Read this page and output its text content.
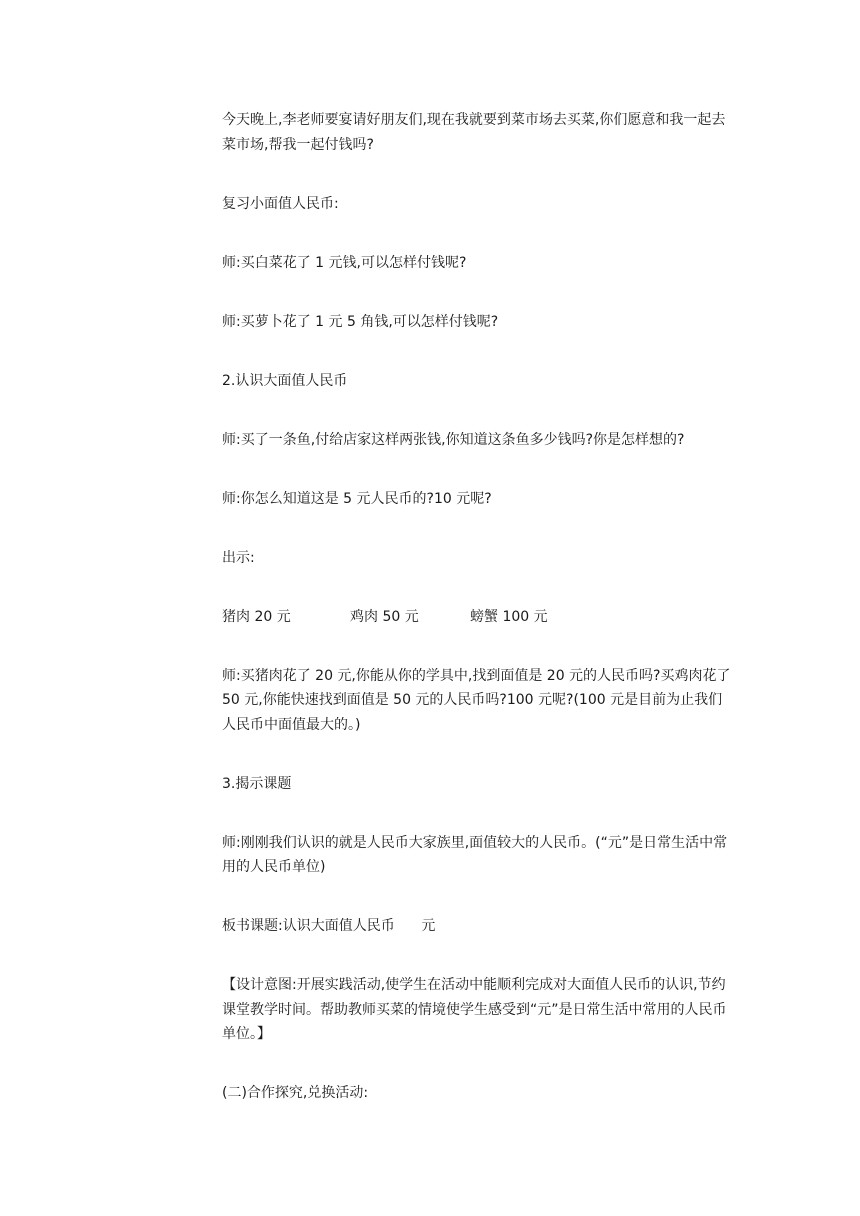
今天晚上,李老师要宴请好朋友们,现在我就要到菜市场去买菜,你们愿意和我一起去菜市场,帮我一起付钱吗?

复习小面值人民币:

师:买白菜花了 1 元钱,可以怎样付钱呢?

师:买萝卜花了 1 元 5 角钱,可以怎样付钱呢?

2.认识大面值人民币

师:买了一条鱼,付给店家这样两张钱,你知道这条鱼多少钱吗?你是怎样想的?

师:你怎么知道这是 5 元人民币的?10 元呢?

出示:

猪肉 20 元	鸡肉 50 元	螃蟹 100 元

师:买猪肉花了 20 元,你能从你的学具中,找到面值是 20 元的人民币吗?买鸡肉花了 50 元,你能快速找到面值是 50 元的人民币吗?100 元呢?(100 元是目前为止我们人民币中面值最大的。)

3.揭示课题

师:刚刚我们认识的就是人民币大家族里,面值较大的人民币。(“元”是日常生活中常用的人民币单位)

板书课题:认识大面值人民币 元

【设计意图:开展实践活动,使学生在活动中能顺利完成对大面值人民币的认识,节约课堂教学时间。帮助教师买菜的情境使学生感受到“元”是日常生活中常用的人民币单位。】

(二)合作探究,兑换活动:
